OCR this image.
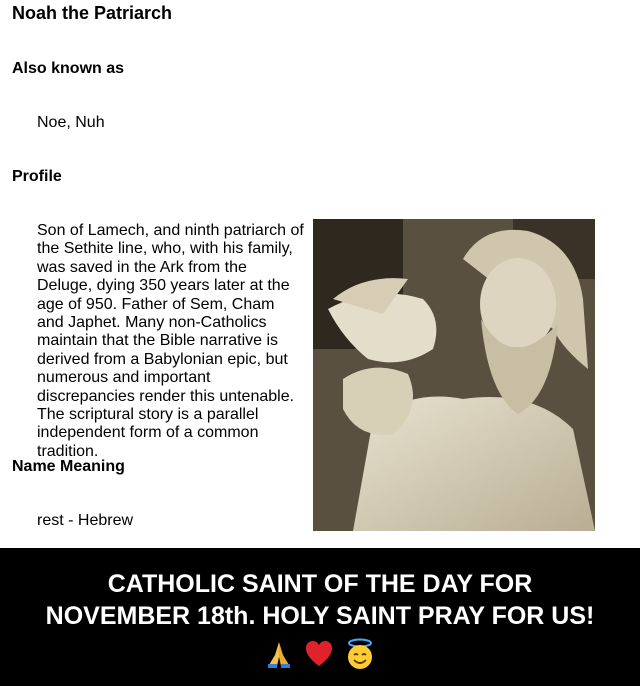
Noah the Patriarch
Also known as
Noe, Nuh
Profile
Name Meaning
rest - Hebrew
Son of Lamech, and ninth patriarch of the Sethite line, who, with his family, was saved in the Ark from the Deluge, dying 350 years later at the age of 950. Father of Sem, Cham and Japhet. Many non-Catholics maintain that the Bible narrative is derived from a Babylonian epic, but numerous and important discrepancies render this untenable. The scriptural story is a parallel independent form of a common tradition.
CATHOLIC SAINT OF THE DAY FOR
NOVEMBER 18th. HOLY SAINT PRAY FOR US!
